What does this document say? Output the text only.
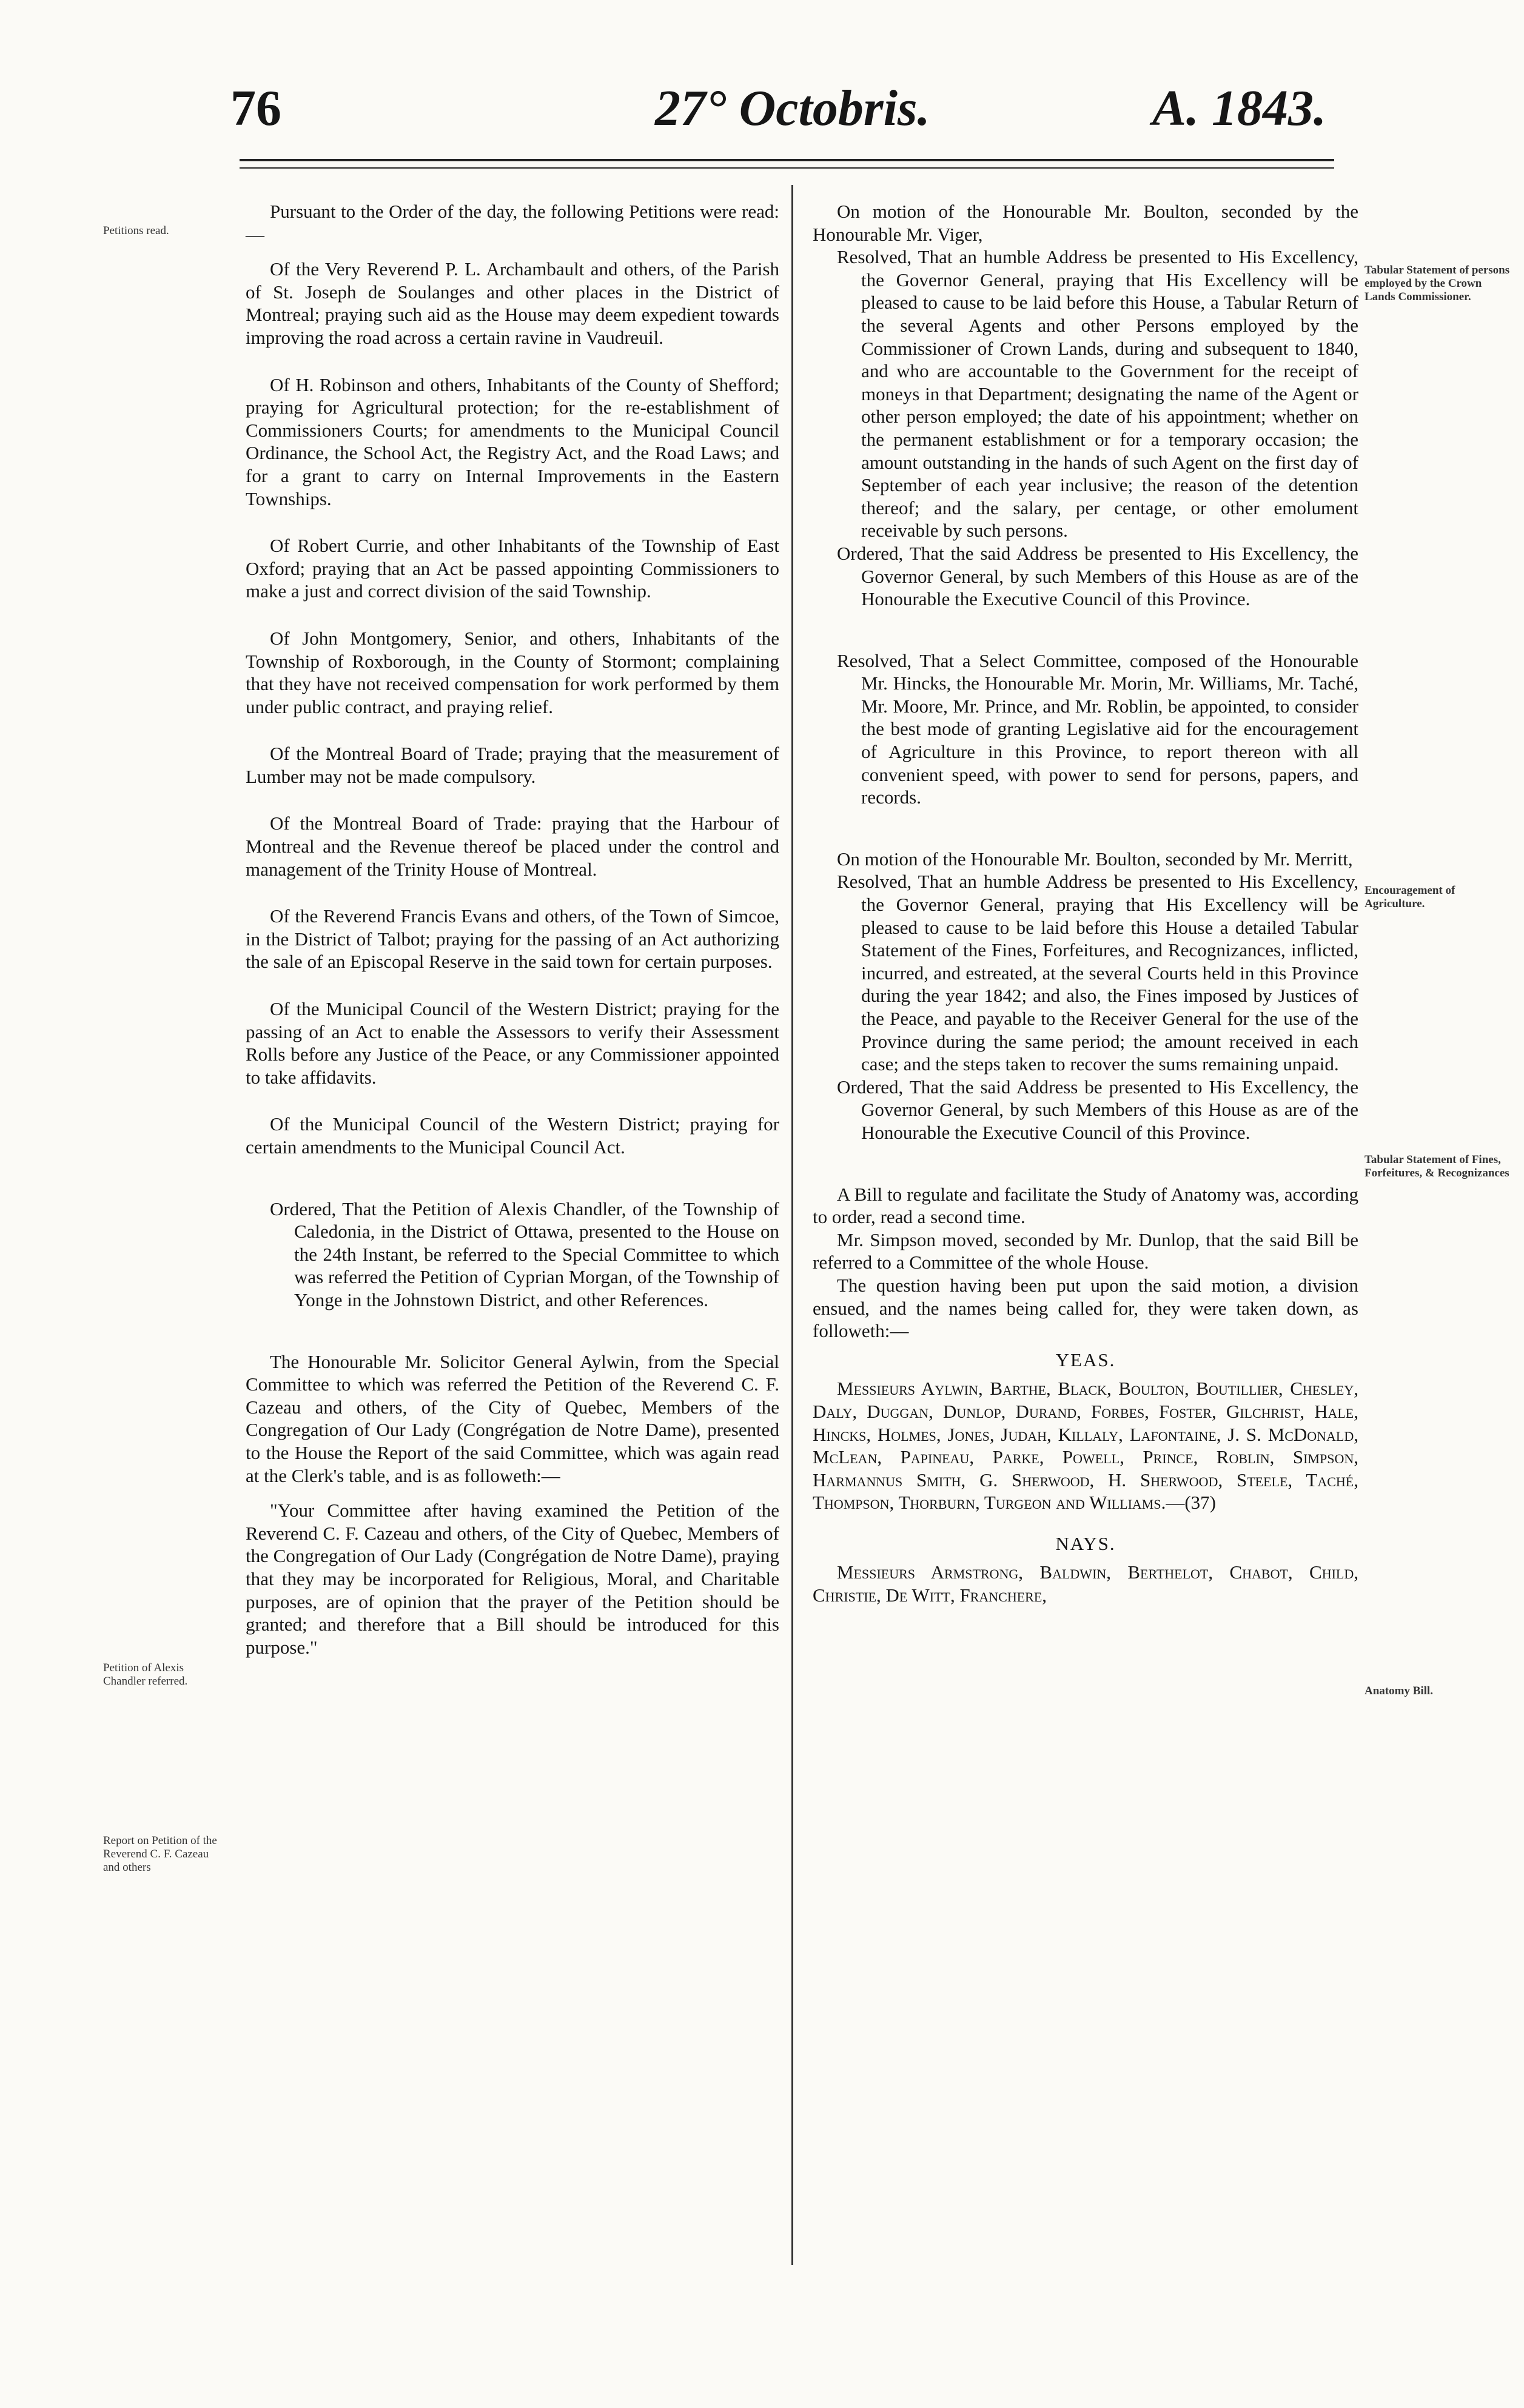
76	27° Octobris.	A. 1843.
Petitions read.
Petition of Alexis Chandler referred.
Report on Petition of the Reverend C. F. Cazeau and others
Tabular Statement of persons employed by the Crown Lands Commissioner.
Encouragement of Agriculture.
Tabular Statement of Fines, Forfeitures, & Recognizances
Anatomy Bill.

Pursuant to the Order of the day, the following Petitions were read:—

Of the Very Reverend P. L. Archambault and others, of the Parish of St. Joseph de Soulanges and other places in the District of Montreal; praying such aid as the House may deem expedient towards improving the road across a certain ravine in Vaudreuil.

Of H. Robinson and others, Inhabitants of the County of Shefford; praying for Agricultural protection; for the re-establishment of Commissioners Courts; for amendments to the Municipal Council Ordinance, the School Act, the Registry Act, and the Road Laws; and for a grant to carry on Internal Improvements in the Eastern Townships.

Of Robert Currie, and other Inhabitants of the Township of East Oxford; praying that an Act be passed appointing Commissioners to make a just and correct division of the said Township.

Of John Montgomery, Senior, and others, Inhabitants of the Township of Roxborough, in the County of Stormont; complaining that they have not received compensation for work performed by them under public contract, and praying relief.

Of the Montreal Board of Trade; praying that the measurement of Lumber may not be made compulsory.

Of the Montreal Board of Trade: praying that the Harbour of Montreal and the Revenue thereof be placed under the control and management of the Trinity House of Montreal.

Of the Reverend Francis Evans and others, of the Town of Simcoe, in the District of Talbot; praying for the passing of an Act authorizing the sale of an Episcopal Reserve in the said town for certain purposes.

Of the Municipal Council of the Western District; praying for the passing of an Act to enable the Assessors to verify their Assessment Rolls before any Justice of the Peace, or any Commissioner appointed to take affidavits.

Of the Municipal Council of the Western District; praying for certain amendments to the Municipal Council Act.

Ordered, That the Petition of Alexis Chandler, of the Township of Caledonia, in the District of Ottawa, presented to the House on the 24th Instant, be referred to the Special Committee to which was referred the Petition of Cyprian Morgan, of the Township of Yonge in the Johnstown District, and other References.

The Honourable Mr. Solicitor General Aylwin, from the Special Committee to which was referred the Petition of the Reverend C. F. Cazeau and others, of the City of Quebec, Members of the Congregation of Our Lady (Congrégation de Notre Dame), presented to the House the Report of the said Committee, which was again read at the Clerk's table, and is as followeth:—

"Your Committee after having examined the Petition of the Reverend C. F. Cazeau and others, of the City of Quebec, Members of the Congregation of Our Lady (Congrégation de Notre Dame), praying that they may be incorporated for Religious, Moral, and Charitable purposes, are of opinion that the prayer of the Petition should be granted; and therefore that a Bill should be introduced for this purpose."

On motion of the Honourable Mr. Boulton, seconded by the Honourable Mr. Viger,

Resolved, That an humble Address be presented to His Excellency, the Governor General, praying that His Excellency will be pleased to cause to be laid before this House, a Tabular Return of the several Agents and other Persons employed by the Commissioner of Crown Lands, during and subsequent to 1840, and who are accountable to the Government for the receipt of moneys in that Department; designating the name of the Agent or other person employed; the date of his appointment; whether on the permanent establishment or for a temporary occasion; the amount outstanding in the hands of such Agent on the first day of September of each year inclusive; the reason of the detention thereof; and the salary, per centage, or other emolument receivable by such persons.

Ordered, That the said Address be presented to His Excellency, the Governor General, by such Members of this House as are of the Honourable the Executive Council of this Province.

Resolved, That a Select Committee, composed of the Honourable Mr. Hincks, the Honourable Mr. Morin, Mr. Williams, Mr. Taché, Mr. Moore, Mr. Prince, and Mr. Roblin, be appointed, to consider the best mode of granting Legislative aid for the encouragement of Agriculture in this Province, to report thereon with all convenient speed, with power to send for persons, papers, and records.

On motion of the Honourable Mr. Boulton, seconded by Mr. Merritt,

Resolved, That an humble Address be presented to His Excellency, the Governor General, praying that His Excellency will be pleased to cause to be laid before this House a detailed Tabular Statement of the Fines, Forfeitures, and Recognizances, inflicted, incurred, and estreated, at the several Courts held in this Province during the year 1842; and also, the Fines imposed by Justices of the Peace, and payable to the Receiver General for the use of the Province during the same period; the amount received in each case; and the steps taken to recover the sums remaining unpaid.

Ordered, That the said Address be presented to His Excellency, the Governor General, by such Members of this House as are of the Honourable the Executive Council of this Province.

A Bill to regulate and facilitate the Study of Anatomy was, according to order, read a second time.

Mr. Simpson moved, seconded by Mr. Dunlop, that the said Bill be referred to a Committee of the whole House.

The question having been put upon the said motion, a division ensued, and the names being called for, they were taken down, as followeth:—

YEAS.

Messieurs Aylwin, Barthe, Black, Boulton, Boutillier, Chesley, Daly, Duggan, Dunlop, Durand, Forbes, Foster, Gilchrist, Hale, Hincks, Holmes, Jones, Judah, Killaly, Lafontaine, J. S. McDonald, McLean, Papineau, Parke, Powell, Prince, Roblin, Simpson, Harmannus Smith, G. Sherwood, H. Sherwood, Steele, Taché, Thompson, Thorburn, Turgeon and Williams.—(37)

NAYS.

Messieurs Armstrong, Baldwin, Berthelot, Chabot, Child, Christie, De Witt, Franchere,
